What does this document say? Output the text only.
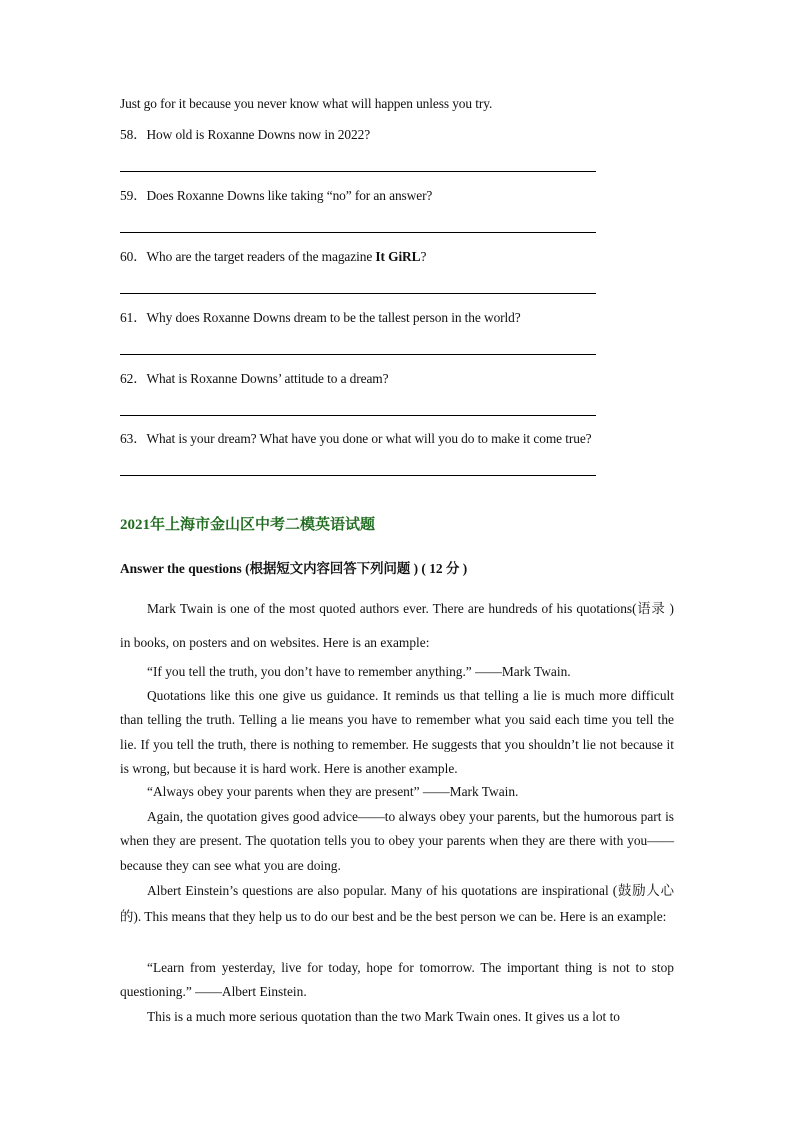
Just go for it because you never know what will happen unless you try.
58．How old is Roxanne Downs now in 2022?
59．Does Roxanne Downs like taking “no” for an answer?
60．Who are the target readers of the magazine It GiRL?
61．Why does Roxanne Downs dream to be the tallest person in the world?
62．What is Roxanne Downs’ attitude to a dream?
63．What is your dream? What have you done or what will you do to make it come true?
2021年上海市金山区中考二模英语试题
Answer the questions (根据短文内容回答下列问题 ) ( 12 分 )
Mark Twain is one of the most quoted authors ever. There are hundreds of his quotations(语录 ) in books, on posters and on websites. Here is an example:
“If you tell the truth, you don’t have to remember anything.” ——Mark Twain.
Quotations like this one give us guidance. It reminds us that telling a lie is much more difficult than telling the truth. Telling a lie means you have to remember what you said each time you tell the lie. If you tell the truth, there is nothing to remember. He suggests that you shouldn’t lie not because it is wrong, but because it is hard work. Here is another example.
“Always obey your parents when they are present” ——Mark Twain.
Again, the quotation gives good advice——to always obey your parents, but the humorous part is when they are present. The quotation tells you to obey your parents when they are there with you——because they can see what you are doing.
Albert Einstein’s questions are also popular. Many of his quotations are inspirational (鼓励人心的). This means that they help us to do our best and be the best person we can be. Here is an example:
“Learn from yesterday, live for today, hope for tomorrow. The important thing is not to stop questioning.” ——Albert Einstein.
This is a much more serious quotation than the two Mark Twain ones. It gives us a lot to
